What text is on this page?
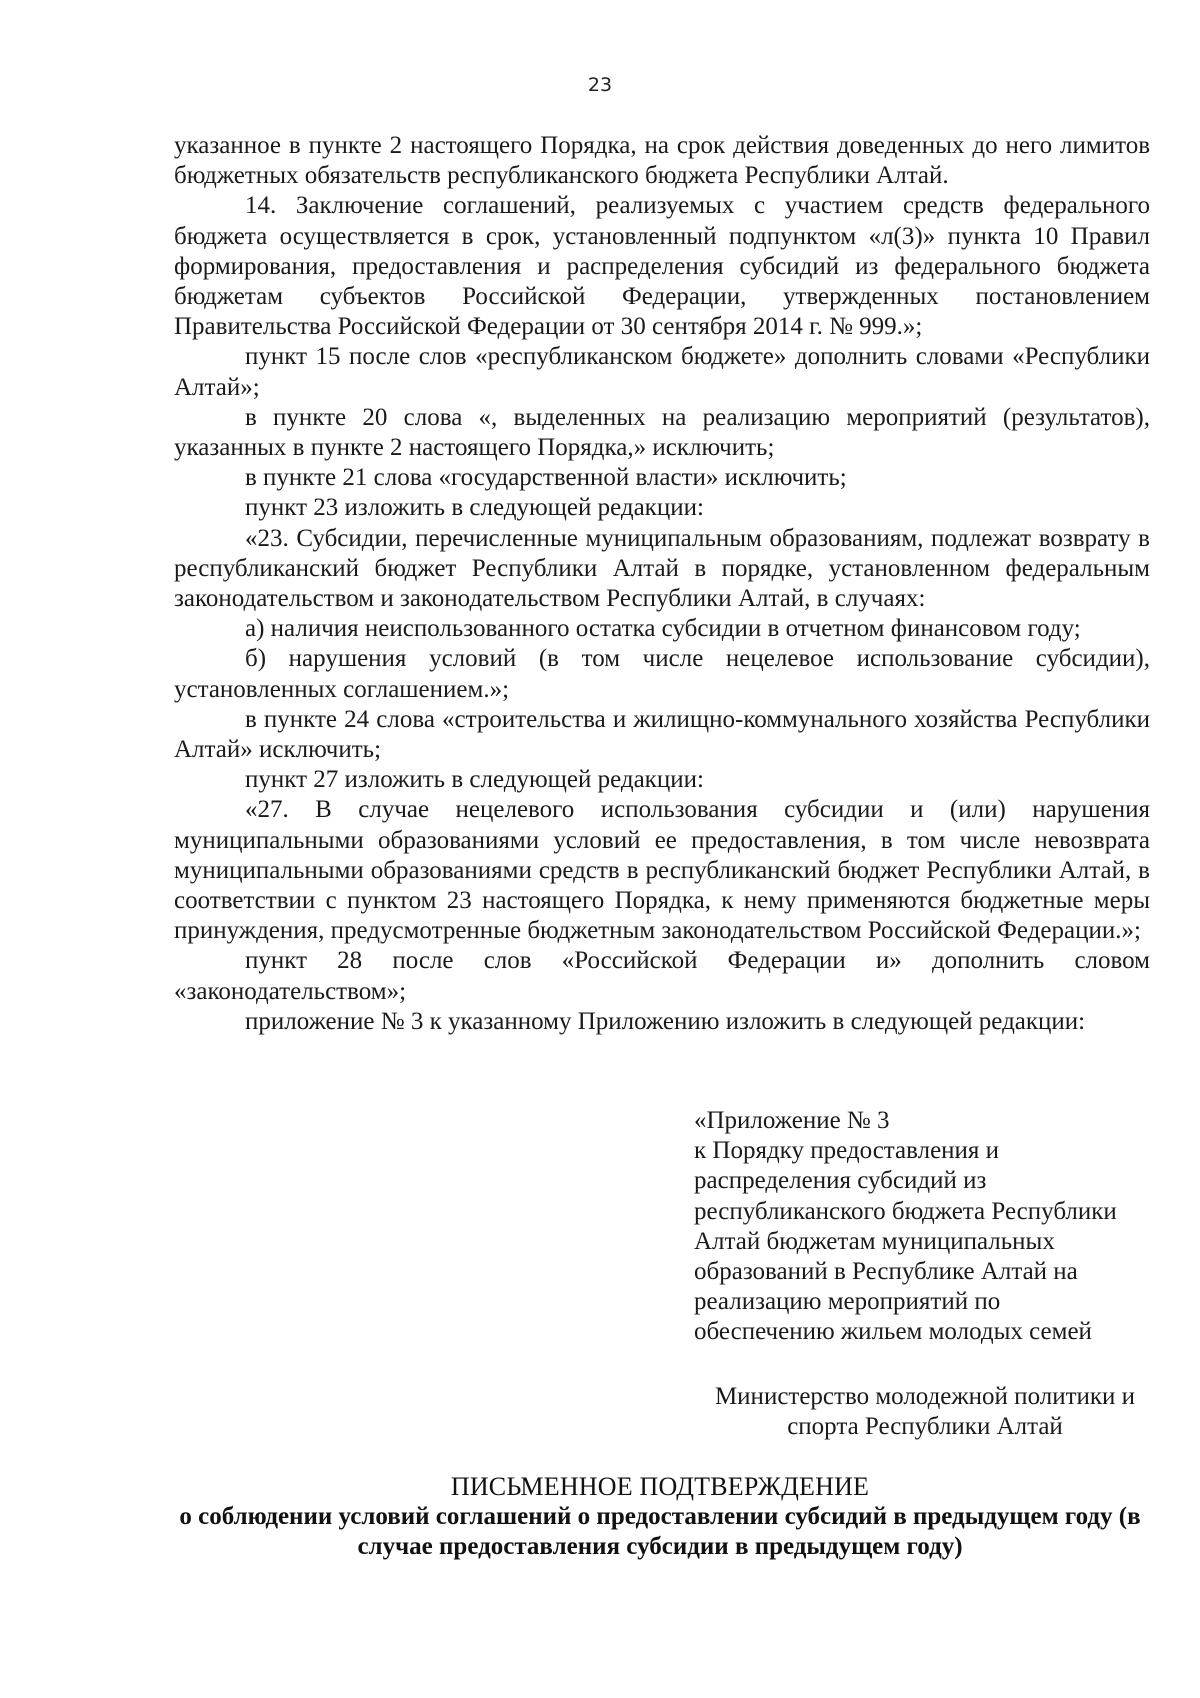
23

указанное в пункте 2 настоящего Порядка, на срок действия доведенных до него лимитов бюджетных обязательств республиканского бюджета Республики Алтай.

14. Заключение соглашений, реализуемых с участием средств федерального бюджета осуществляется в срок, установленный подпунктом «л(3)» пункта 10 Правил формирования, предоставления и распределения субсидий из федерального бюджета бюджетам субъектов Российской Федерации, утвержденных постановлением Правительства Российской Федерации от 30 сентября 2014 г. № 999.»;

пункт 15 после слов «республиканском бюджете» дополнить словами «Республики Алтай»;

в пункте 20 слова «, выделенных на реализацию мероприятий (результатов), указанных в пункте 2 настоящего Порядка,» исключить;

в пункте 21 слова «государственной власти» исключить;

пункт 23 изложить в следующей редакции:

«23. Субсидии, перечисленные муниципальным образованиям, подлежат возврату в республиканский бюджет Республики Алтай в порядке, установленном федеральным законодательством и законодательством Республики Алтай, в случаях:

а) наличия неиспользованного остатка субсидии в отчетном финансовом году;

б) нарушения условий (в том числе нецелевое использование субсидии), установленных соглашением.»;

в пункте 24 слова «строительства и жилищно-коммунального хозяйства Республики Алтай» исключить;

пункт 27 изложить в следующей редакции:

«27. В случае нецелевого использования субсидии и (или) нарушения муниципальными образованиями условий ее предоставления, в том числе невозврата муниципальными образованиями средств в республиканский бюджет Республики Алтай, в соответствии с пунктом 23 настоящего Порядка, к нему применяются бюджетные меры принуждения, предусмотренные бюджетным законодательством Российской Федерации.»;

пункт 28 после слов «Российской Федерации и» дополнить словом «законодательством»;

приложение № 3 к указанному Приложению изложить в следующей редакции:

«Приложение № 3
к Порядку предоставления и
распределения субсидий из
республиканского бюджета Республики
Алтай бюджетам муниципальных
образований в Республике Алтай на
реализацию мероприятий по
обеспечению жильем молодых семей
Министерство молодежной политики и
спорта Республики Алтай
ПИСЬМЕННОЕ ПОДТВЕРЖДЕНИЕ
о соблюдении условий соглашений о предоставлении субсидий в предыдущем году (в случае предоставления субсидии в предыдущем году)
